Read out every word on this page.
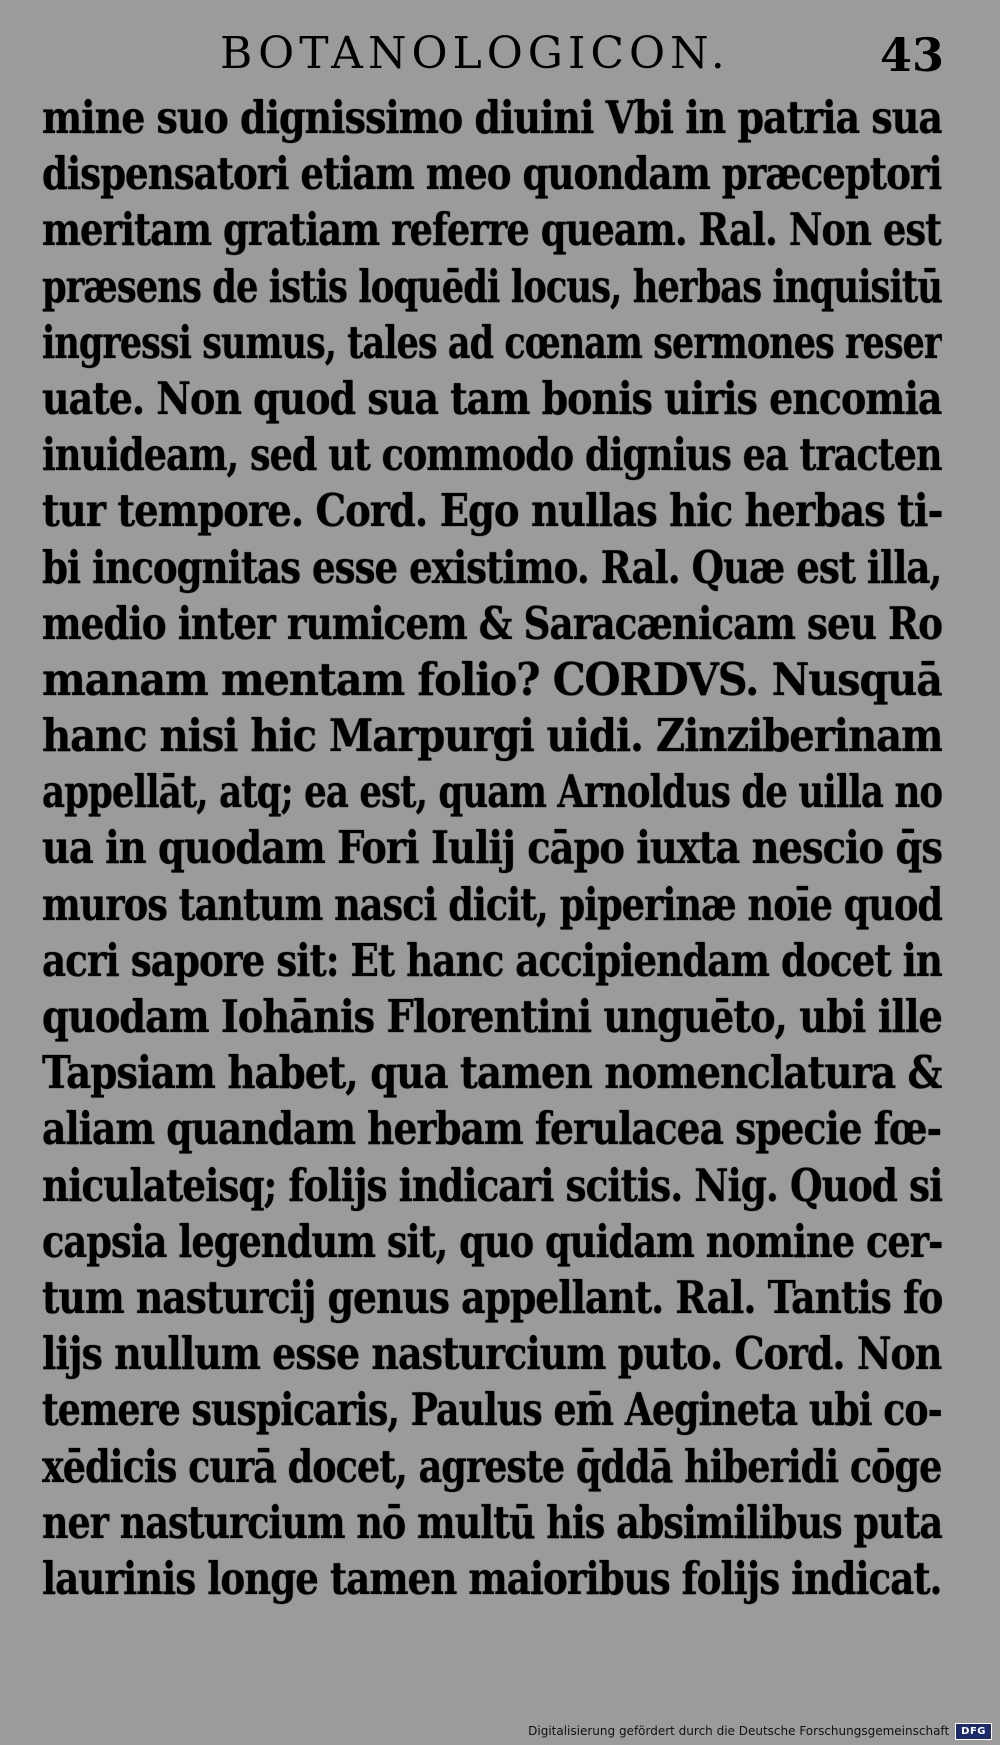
BOTANOLOGICON.	43
mine suo dignissimo diuini Vbi in patria sua
dispensatori etiam meo quondam præceptori
meritam gratiam referre queam. Ral. Non est
præsens de istis loquēdi locus, herbas inquisitū
ingressi sumus, tales ad cœnam sermones reser
uate. Non quod sua tam bonis uiris encomia
inuideam, sed ut commodo dignius ea tracten
tur tempore. Cord. Ego nullas hic herbas ti-
bi incognitas esse existimo. Ral. Quæ est illa,
medio inter rumicem & Saracænicam seu Ro
manam mentam folio? CORDVS. Nusquā
hanc nisi hic Marpurgi uidi. Zinziberinam
appellāt, atq; ea est, quam Arnoldus de uilla no
ua in quodam Fori Iulij cāpo iuxta nescio q̄s
muros tantum nasci dicit, piperinæ noīe quod
acri sapore sit: Et hanc accipiendam docet in
quodam Iohānis Florentini unguēto, ubi ille
Tapsiam habet, qua tamen nomenclatura &
aliam quandam herbam ferulacea specie fœ-
niculateisq; folijs indicari scitis. Nig. Quod si
capsia legendum sit, quo quidam nomine cer-
tum nasturcij genus appellant. Ral. Tantis fo
lijs nullum esse nasturcium puto. Cord. Non
temere suspicaris, Paulus em̄ Aegineta ubi co-
xēdicis curā docet, agreste q̄ddā hiberidi cōge
ner nasturcium nō multū his absimilibus puta
laurinis longe tamen maioribus folijs indicat.
Digitalisierung gefördert durch die Deutsche Forschungsgemeinschaft	DFG
